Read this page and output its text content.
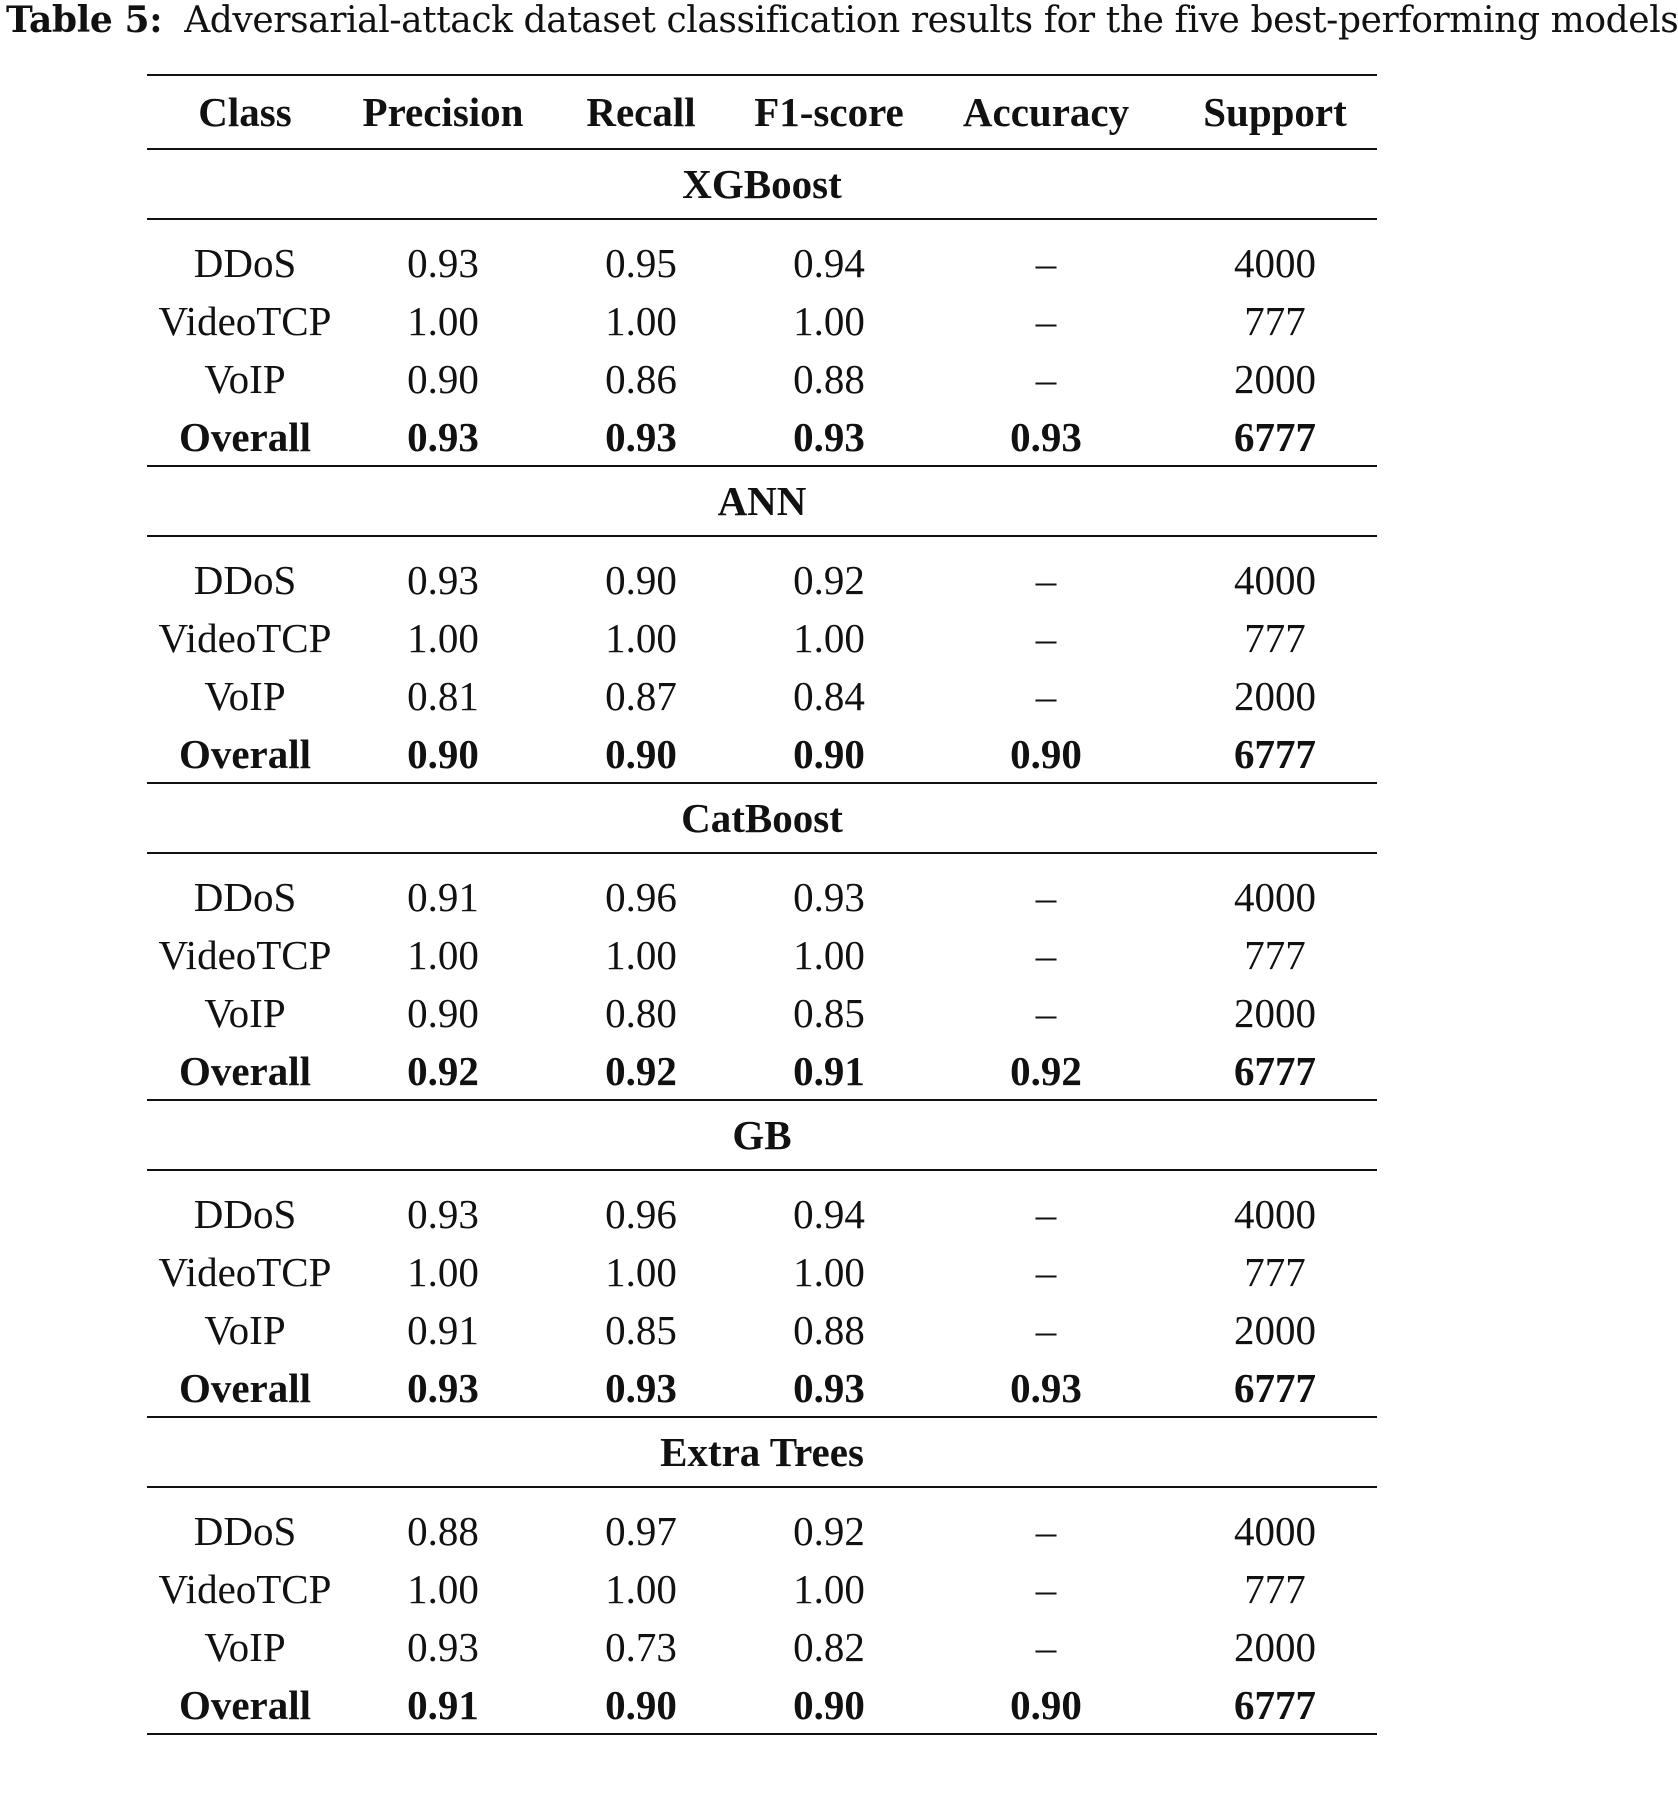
Table 5: Adversarial-attack dataset classification results for the five best-performing models
Class	Precision	Recall	F1-score	Accuracy	Support
XGBoost					

DDoS	0.93	0.95	0.94	–	4000
VideoTCP	1.00	1.00	1.00	–	777
VoIP	0.90	0.86	0.88	–	2000
Overall	0.93	0.93	0.93	0.93	6777
ANN					

DDoS	0.93	0.90	0.92	–	4000
VideoTCP	1.00	1.00	1.00	–	777
VoIP	0.81	0.87	0.84	–	2000
Overall	0.90	0.90	0.90	0.90	6777
CatBoost					

DDoS	0.91	0.96	0.93	–	4000
VideoTCP	1.00	1.00	1.00	–	777
VoIP	0.90	0.80	0.85	–	2000
Overall	0.92	0.92	0.91	0.92	6777
GB					

DDoS	0.93	0.96	0.94	–	4000
VideoTCP	1.00	1.00	1.00	–	777
VoIP	0.91	0.85	0.88	–	2000
Overall	0.93	0.93	0.93	0.93	6777
Extra Trees					

DDoS	0.88	0.97	0.92	–	4000
VideoTCP	1.00	1.00	1.00	–	777
VoIP	0.93	0.73	0.82	–	2000
Overall	0.91	0.90	0.90	0.90	6777
